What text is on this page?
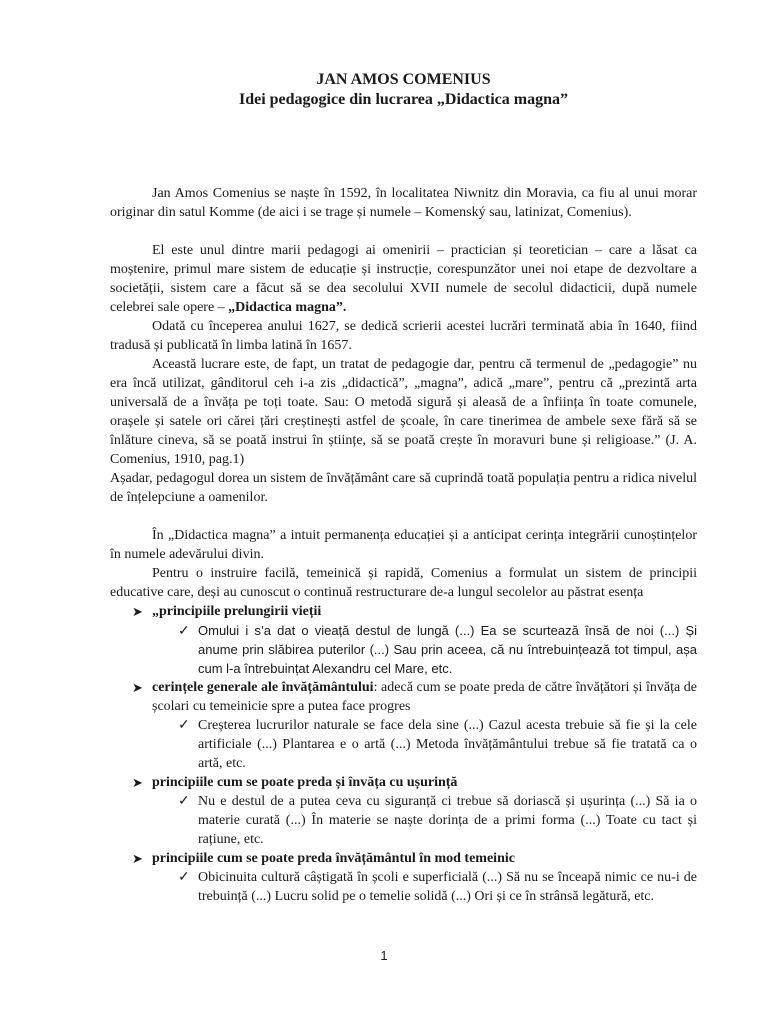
JAN AMOS COMENIUS
Idei pedagogice din lucrarea „Didactica magna”

Jan Amos Comenius se naște în 1592, în localitatea Niwnitz din Moravia, ca fiu al unui morar originar din satul Komme (de aici i se trage și numele – Komenský sau, latinizat, Comenius).

El este unul dintre marii pedagogi ai omenirii – practician și teoretician – care a lăsat ca moștenire, primul mare sistem de educație și instrucție, corespunzător unei noi etape de dezvoltare a societății, sistem care a făcut să se dea secolului XVII numele de secolul didacticii, după numele celebrei sale opere – „Didactica magna”.

Odată cu începerea anului 1627, se dedică scrierii acestei lucrări terminată abia în 1640, fiind tradusă și publicată în limba latină în 1657.

Această lucrare este, de fapt, un tratat de pedagogie dar, pentru că termenul de „pedagogie” nu era încă utilizat, gânditorul ceh i-a zis „didactică”, „magna”, adică „mare”, pentru că „prezintă arta universală de a învăța pe toți toate. Sau: O metodă sigură și aleasă de a înființa în toate comunele, orașele și satele ori cărei țări creștinești astfel de școale, în care tinerimea de ambele sexe fără să se înlăture cineva, să se poată instrui în științe, să se poată crește în moravuri bune și religioase.” (J. A. Comenius, 1910, pag.1)

Așadar, pedagogul dorea un sistem de învățământ care să cuprindă toată populația pentru a ridica nivelul de înțelepciune a oamenilor.

În „Didactica magna” a intuit permanența educației și a anticipat cerința integrării cunoștințelor în numele adevărului divin.

Pentru o instruire facilă, temeinică și rapidă, Comenius a formulat un sistem de principii educative care, deși au cunoscut o continuă restructurare de-a lungul secolelor au păstrat esența

➤ „principiile prelungirii vieții
✓ Omului i s’a dat o vieață destul de lungă (...) Ea se scurtează însă de noi (...) Și anume prin slăbirea puterilor (...) Sau prin aceea, că nu întrebuințează tot timpul, așa cum l-a întrebuințat Alexandru cel Mare, etc.
➤ cerințele generale ale învățământului: adecă cum se poate preda de către învățători și învăța de școlari cu temeinicie spre a putea face progres
✓ Creșterea lucrurilor naturale se face dela sine (...) Cazul acesta trebuie să fie și la cele artificiale (...) Plantarea e o artă (...) Metoda învățământului trebue să fie tratată ca o artă, etc.
➤ principiile cum se poate preda și învăța cu ușurință
✓ Nu e destul de a putea ceva cu siguranță ci trebue să doriască și ușurința (...) Să ia o materie curată (...) În materie se naște dorința de a primi forma (...) Toate cu tact și rațiune, etc.
➤ principiile cum se poate preda învățământul în mod temeinic
✓ Obicinuita cultură câștigată în școli e superficială (...) Să nu se înceapă nimic ce nu-i de trebuință (...) Lucru solid pe o temelie solidă (...) Ori și ce în strânsă legătură, etc.
1
